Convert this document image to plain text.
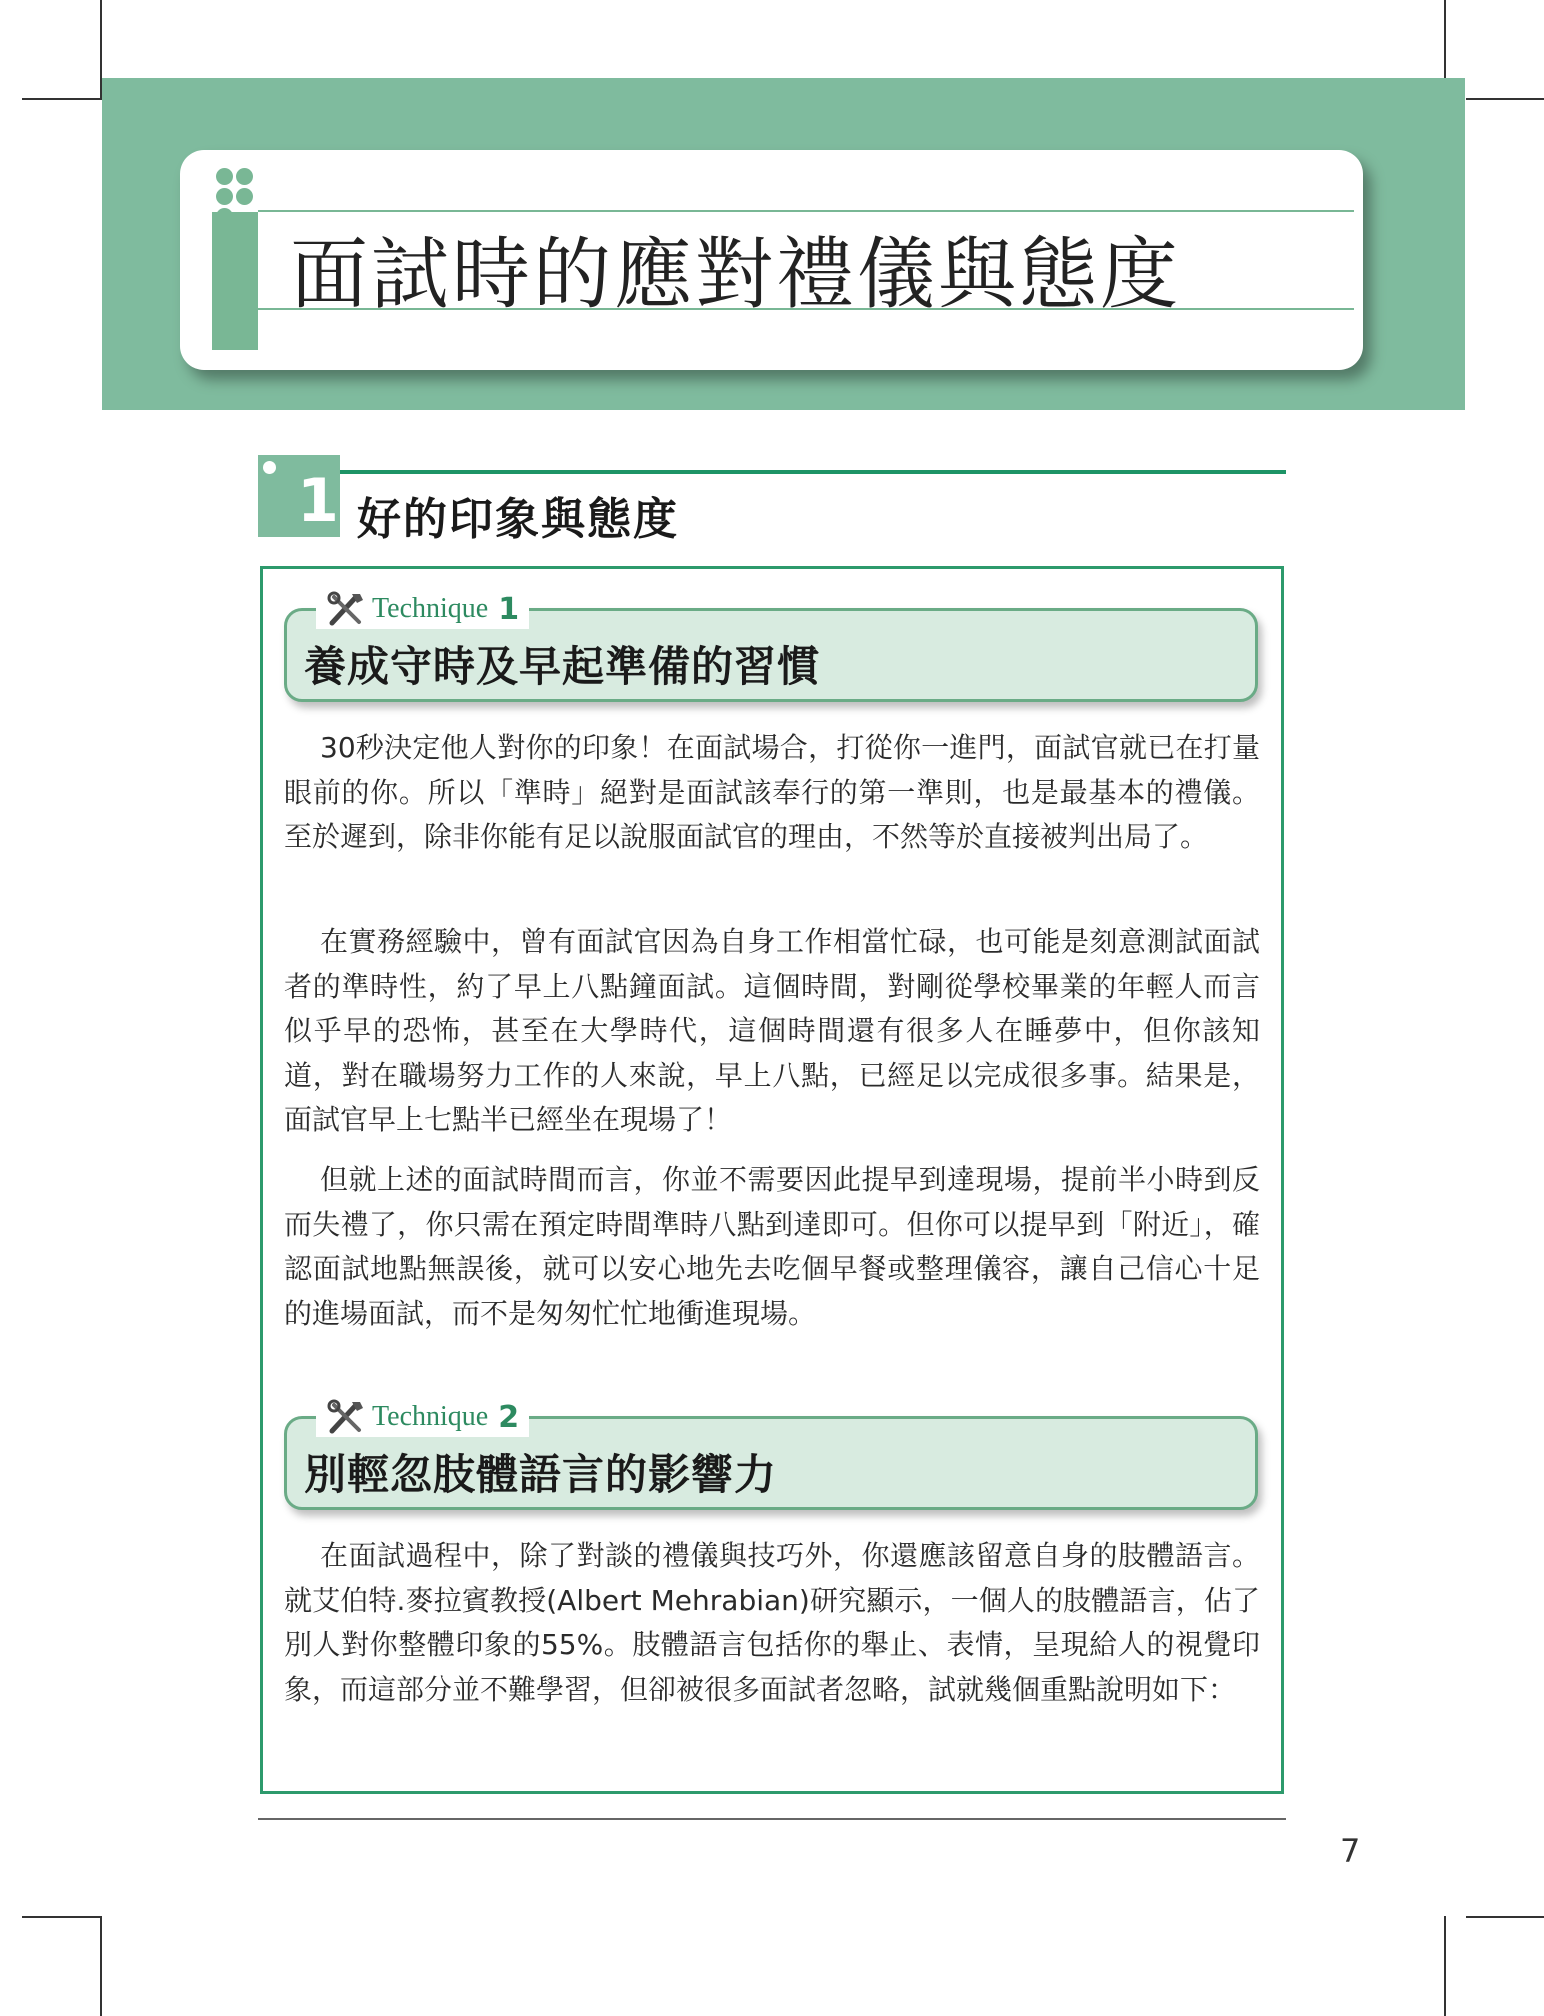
面試時的應對禮儀與態度
1 好的印象與態度
Technique 1
養成守時及早起準備的習慣

30秒決定他人對你的印象！在面試場合，打從你一進門，面試官就已在打量眼前的你。所以「準時」絕對是面試該奉行的第一準則，也是最基本的禮儀。至於遲到，除非你能有足以說服面試官的理由，不然等於直接被判出局了。

在實務經驗中，曾有面試官因為自身工作相當忙碌，也可能是刻意測試面試者的準時性，約了早上八點鐘面試。這個時間，對剛從學校畢業的年輕人而言似乎早的恐怖，甚至在大學時代，這個時間還有很多人在睡夢中，但你該知道，對在職場努力工作的人來說，早上八點，已經足以完成很多事。結果是，面試官早上七點半已經坐在現場了！

但就上述的面試時間而言，你並不需要因此提早到達現場，提前半小時到反而失禮了，你只需在預定時間準時八點到達即可。但你可以提早到「附近」，確認面試地點無誤後，就可以安心地先去吃個早餐或整理儀容，讓自己信心十足的進場面試，而不是匆匆忙忙地衝進現場。

Technique 2
別輕忽肢體語言的影響力

在面試過程中，除了對談的禮儀與技巧外，你還應該留意自身的肢體語言。就艾伯特.麥拉賓教授(Albert Mehrabian)研究顯示，一個人的肢體語言，佔了別人對你整體印象的55%。肢體語言包括你的舉止、表情，呈現給人的視覺印象，而這部分並不難學習，但卻被很多面試者忽略，試就幾個重點說明如下：

7
